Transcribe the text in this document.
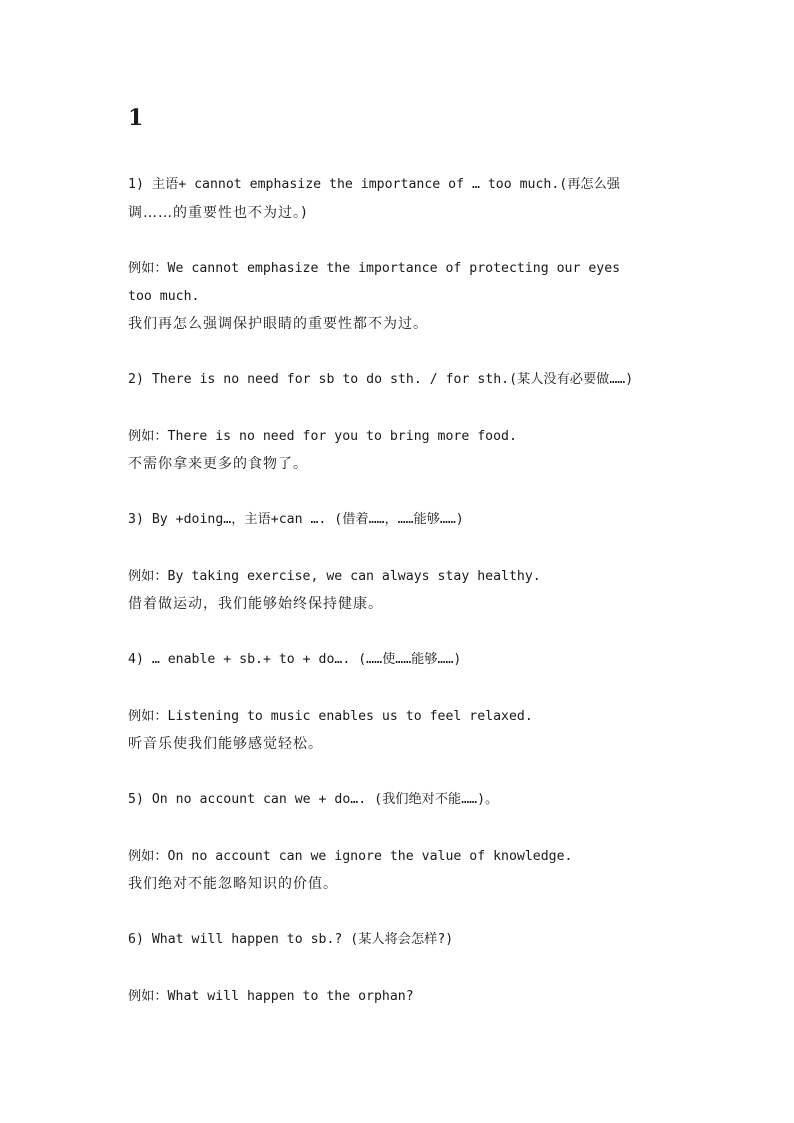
1
1) 主语+ cannot emphasize the importance of … too much.(再怎么强
调……的重要性也不为过。)
例如：We cannot emphasize the importance of protecting our eyes
too much.
我们再怎么强调保护眼睛的重要性都不为过。
2) There is no need for sb to do sth. / for sth.(某人没有必要做……)
例如：There is no need for you to bring more food.
不需你拿来更多的食物了。
3) By +doing…，主语+can …. (借着……，……能够……)
例如：By taking exercise, we can always stay healthy.
借着做运动，我们能够始终保持健康。
4) … enable + sb.+ to + do…. (……使……能够……)
例如：Listening to music enables us to feel relaxed.
听音乐使我们能够感觉轻松。
5) On no account can we + do…. (我们绝对不能……)。
例如：On no account can we ignore the value of knowledge.
我们绝对不能忽略知识的价值。
6) What will happen to sb.? (某人将会怎样?)
例如：What will happen to the orphan?
